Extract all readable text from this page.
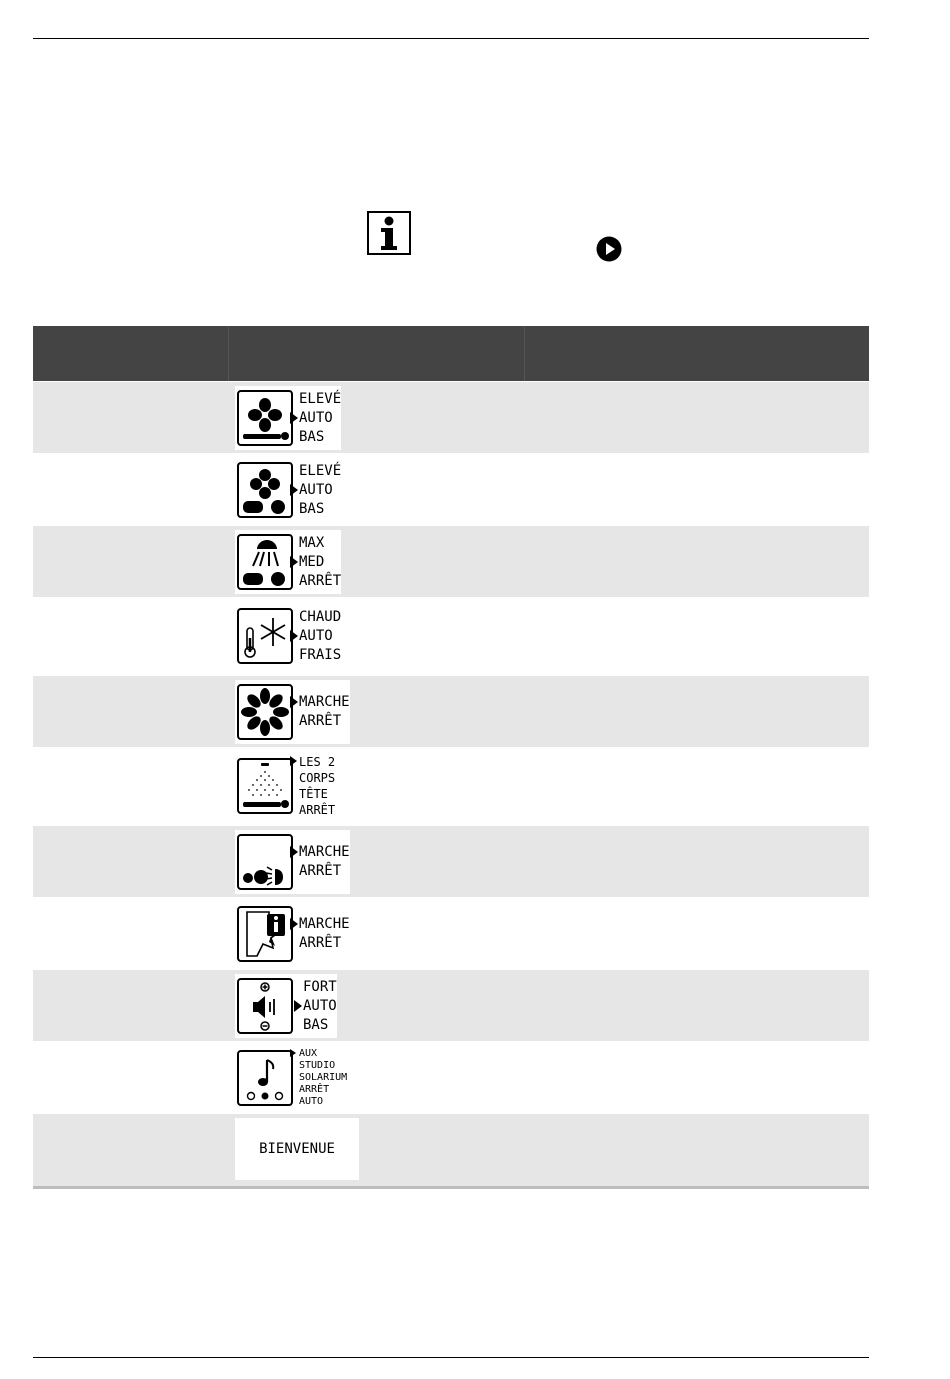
ELEVÉ
AUTO
BAS
ELEVÉ
AUTO
BAS
MAX
MED
ARRÊT
CHAUD
AUTO
FRAIS
MARCHE
ARRÊT
LES 2
CORPS
TÊTE
ARRÊT
MARCHE
ARRÊT
MARCHE
ARRÊT
FORT
AUTO
BAS
AUX
STUDIO
SOLARIUM
ARRÊT
AUTO
BIENVENUE
